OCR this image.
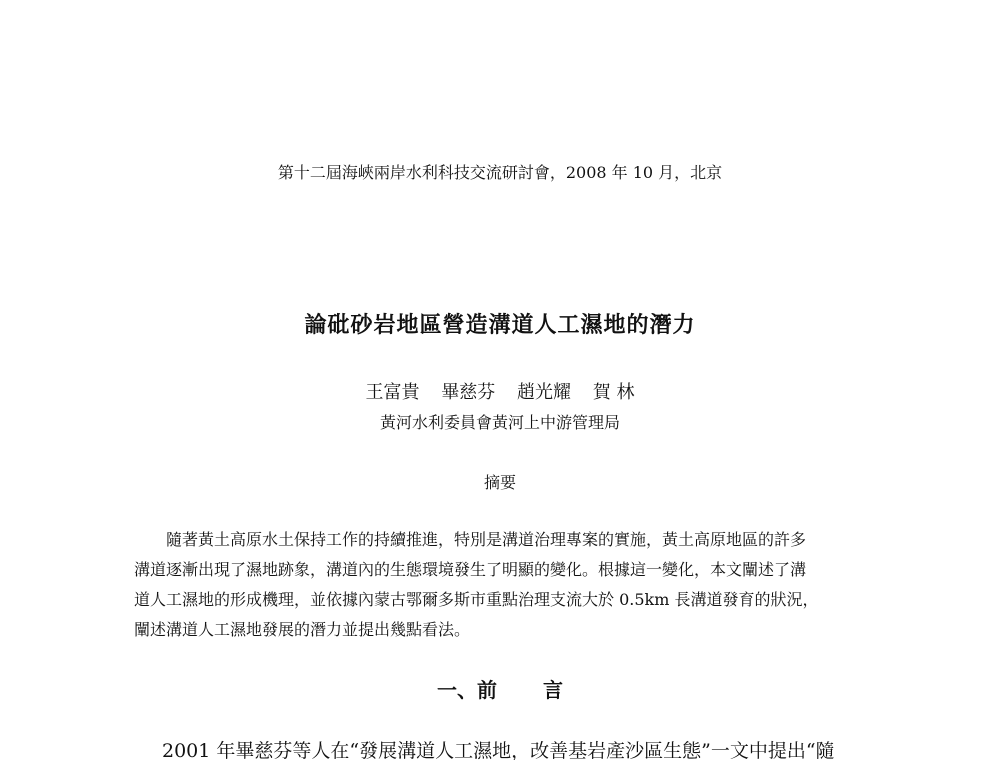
第十二屆海峽兩岸水利科技交流研討會，2008 年 10 月，北京
論砒砂岩地區營造溝道人工濕地的潛力
王富貴 畢慈芬 趙光耀 賀 林
黃河水利委員會黃河上中游管理局
摘要
隨著黃土高原水土保持工作的持續推進，特別是溝道治理專案的實施，黃土高原地區的許多
溝道逐漸出現了濕地跡象，溝道內的生態環境發生了明顯的變化。根據這一變化，本文闡述了溝
道人工濕地的形成機理，並依據內蒙古鄂爾多斯市重點治理支流大於 0.5km 長溝道發育的狀況，
闡述溝道人工濕地發展的潛力並提出幾點看法。
一、前 言
2001 年畢慈芬等人在“發展溝道人工濕地，改善基岩產沙區生態”一文中提出“隨
